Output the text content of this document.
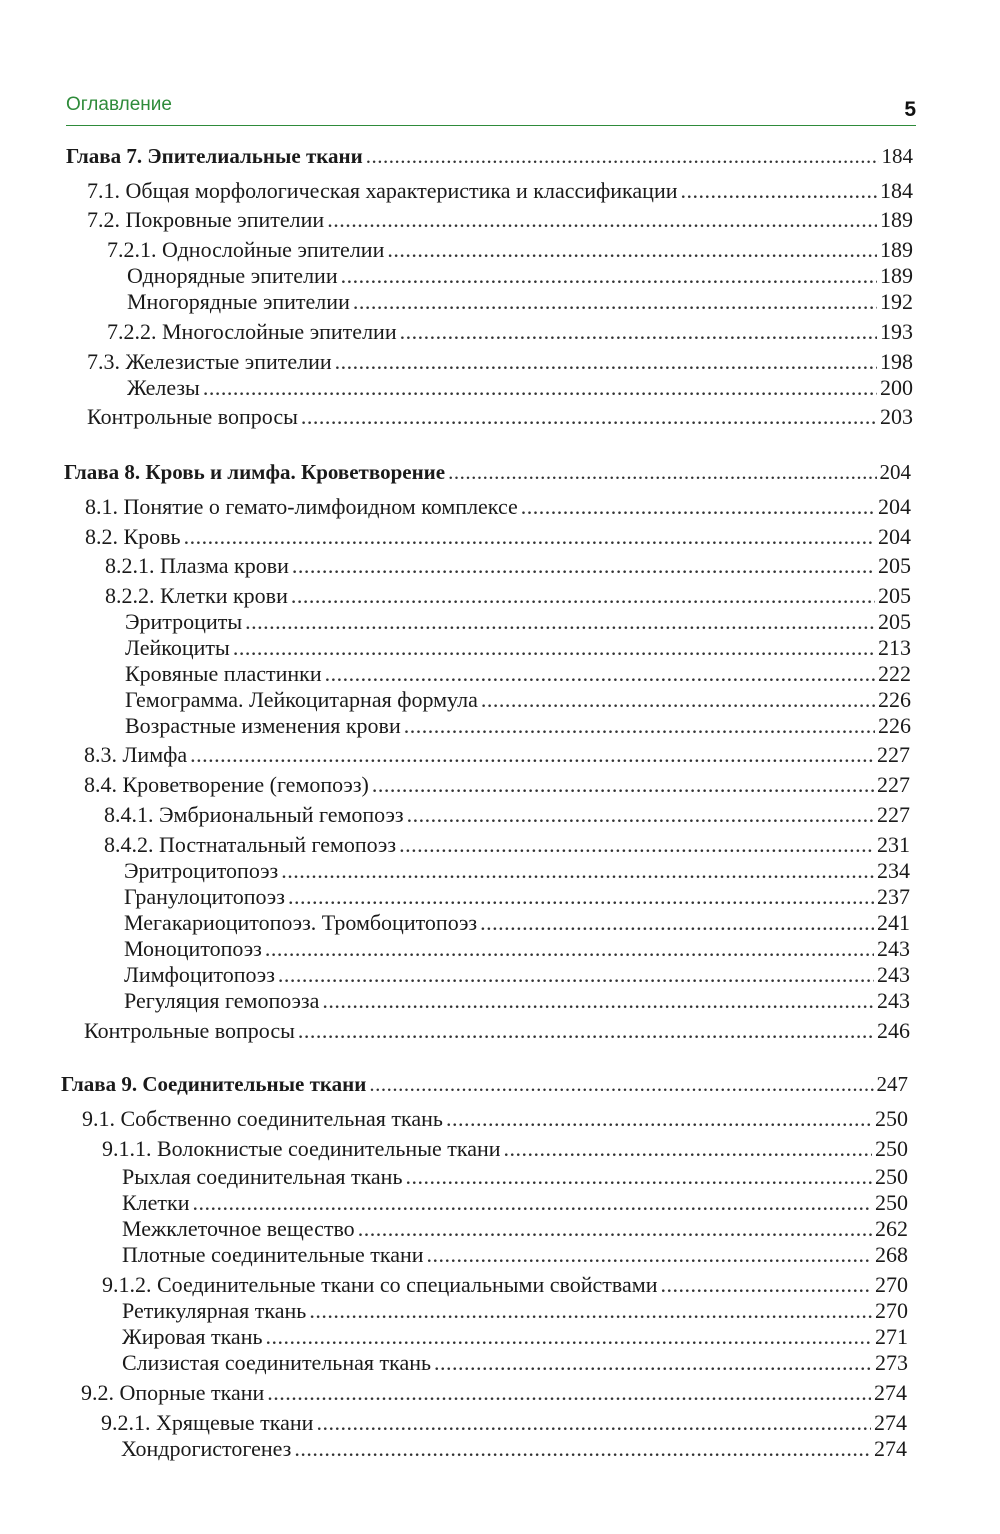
Оглавление	5
Глава 7. Эпителиальные ткани .....	184
7.1. Общая морфологическая характеристика и классификации .....	184
7.2. Покровные эпителии .....	189
7.2.1. Однослойные эпителии .....	189
Однорядные эпителии .....	189
Многорядные эпителии .....	192
7.2.2. Многослойные эпителии .....	193
7.3. Железистые эпителии .....	198
Железы .....	200
Контрольные вопросы .....	203
Глава 8. Кровь и лимфа. Кроветворение .....	204
8.1. Понятие о гемато-лимфоидном комплексе .....	204
8.2. Кровь .....	204
8.2.1. Плазма крови .....	205
8.2.2. Клетки крови .....	205
Эритроциты .....	205
Лейкоциты .....	213
Кровяные пластинки .....	222
Гемограмма. Лейкоцитарная формула .....	226
Возрастные изменения крови .....	226
8.3. Лимфа .....	227
8.4. Кроветворение (гемопоэз) .....	227
8.4.1. Эмбриональный гемопоэз .....	227
8.4.2. Постнатальный гемопоэз .....	231
Эритроцитопоэз .....	234
Гранулоцитопоэз .....	237
Мегакариоцитопоэз. Тромбоцитопоэз .....	241
Моноцитопоэз .....	243
Лимфоцитопоэз .....	243
Регуляция гемопоэза .....	243
Контрольные вопросы .....	246
Глава 9. Соединительные ткани .....	247
9.1. Собственно соединительная ткань .....	250
9.1.1. Волокнистые соединительные ткани .....	250
Рыхлая соединительная ткань .....	250
Клетки .....	250
Межклеточное вещество .....	262
Плотные соединительные ткани .....	268
9.1.2. Соединительные ткани со специальными свойствами .....	270
Ретикулярная ткань .....	270
Жировая ткань .....	271
Слизистая соединительная ткань .....	273
9.2. Опорные ткани .....	274
9.2.1. Хрящевые ткани .....	274
Хондрогистогенез .....	274
